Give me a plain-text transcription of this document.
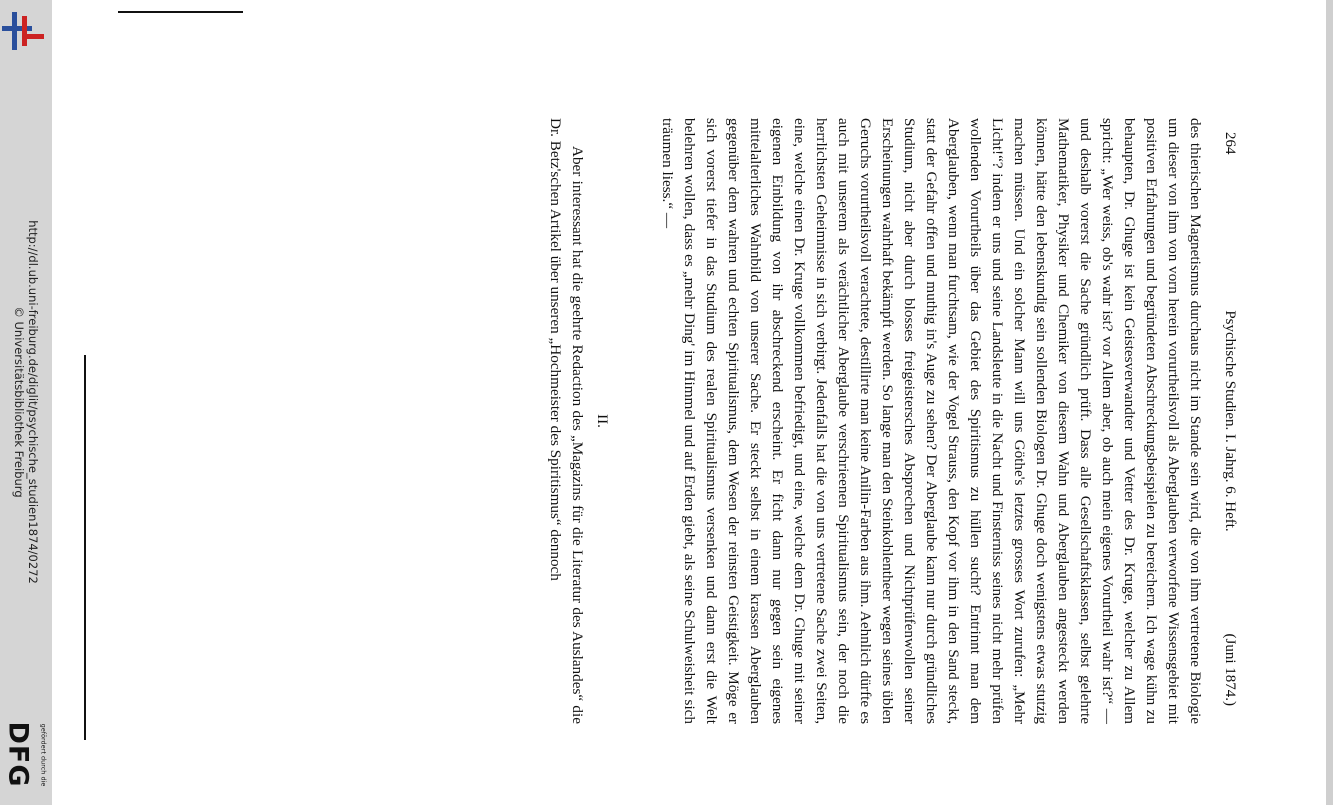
http://dl.ub.uni-freiburg.de/diglit/psychische_studien1874/0272
© Universitätsbibliothek Freiburg
DFG gefördert durch die
264
Psychische Studien. I. Jahrg. 6. Heft.
(Juni 1874.)
des thierischen Magnetismus durchaus nicht im Stande sein wird, die von ihm vertretene Biologie um dieser von ihm von vorn herein vorurtheilsvoll als Aberglauben verworfene Wissensgebiet mit positiven Erfahrungen und begründeten Abschreckungsbeispielen zu bereichern. Ich wage kühn zu behaupten, Dr. Ghuge ist kein Geistesverwandter und Vetter des Dr. Kruge, welcher zu Allem spricht: „Wer weiss, ob's wahr ist? vor Allem aber, ob auch mein eigenes Vorurtheil wahr ist?“ — und deshalb vorerst die Sache gründlich prüft. Dass alle Gesellschaftsklassen, selbst gelehrte Mathematiker, Physiker und Chemiker von diesem Wahn und Aberglauben angesteckt werden können, hätte den lebenskundig sein sollenden Biologen Dr. Ghuge doch wenigstens etwas stutzig machen müssen. Und ein solcher Mann will uns Göthe's letztes grosses Wort zurufen: „Mehr Licht!“? indem er uns und seine Landsleute in die Nacht und Finsterniss seines nicht mehr prüfen wollenden Vorurtheils über das Gebiet des Spiritismus zu hüllen sucht? Entrinnt man dem Aberglauben, wenn man furchtsam, wie der Vogel Strauss, den Kopf vor ihm in den Sand steckt, statt der Gefahr offen und muthig in's Auge zu sehen? Der Aberglaube kann nur durch gründliches Studium, nicht aber durch blosses freigeistersches Absprechen und Nichtprüfenwollen seiner Erscheinungen wahrhaft bekämpft werden. So lange man den Steinkohlentheer wegen seines üblen Geruchs vorurtheilsvoll verachtete, destillirte man keine Anilin-Farben aus ihm. Aehnlich dürfte es auch mit unserem als verächtlicher Aberglaube verschrieenen Spiritualismus sein, der noch die herrlichsten Geheimnisse in sich verbirgt. Jedenfalls hat die von uns vertretene Sache zwei Seiten, eine, welche einen Dr. Kruge vollkommen befriedigt, und eine, welche dem Dr. Ghuge mit seiner eigenen Einbildung von ihr abschreckend erscheint. Er ficht dann nur gegen sein eigenes mittelalterliches Wahnbild von unserer Sache. Er steckt selbst in einem krassen Aberglauben gegenüber dem wahren und echten Spiritualismus, dem Wesen der reinsten Geistigkeit. Möge er sich vorerst tiefer in das Studium des realen Spiritualismus versenken und dann erst die Welt belehren wollen, dass es „mehr Ding' im Himmel und auf Erden giebt, als seine Schulweisheit sich träumen liess.“ —
II.
Aber interessant hat die geehrte Redaction des „Magazins für die Literatur des Auslandes“ die Dr. Betz'schen Artikel über unseren „Hochmeister des Spiritismus“ dennoch
